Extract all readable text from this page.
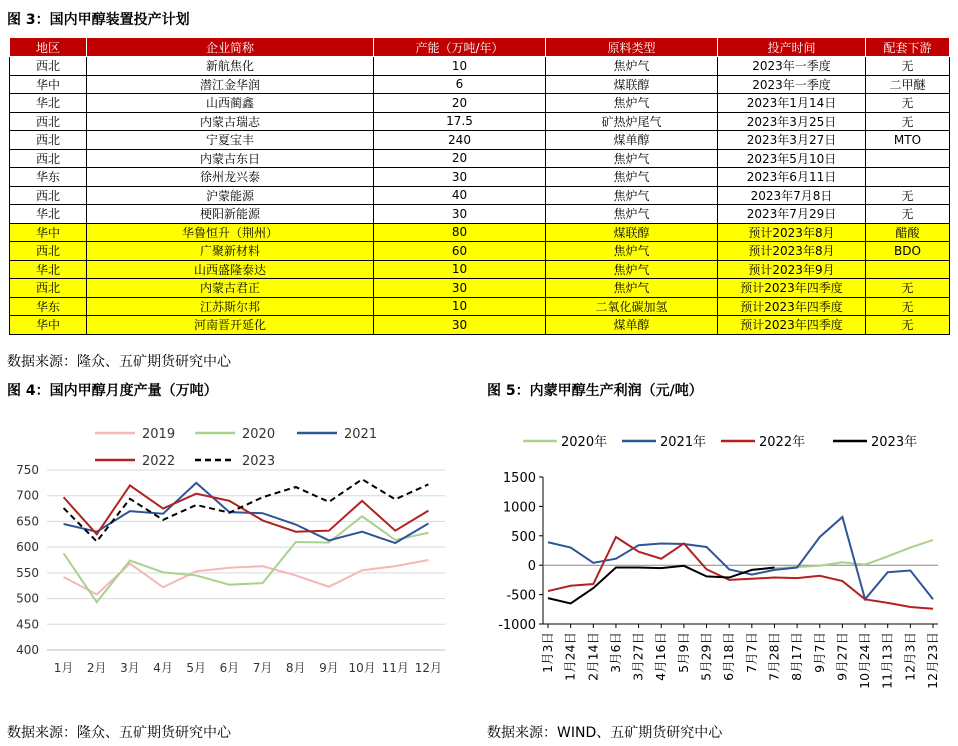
图 3：国内甲醇装置投产计划
地区	企业简称	产能（万吨/年）	原料类型	投产时间	配套下游
西北	新航焦化	10	焦炉气	2023年一季度	无
华中	潜江金华润	6	煤联醇	2023年一季度	二甲醚
华北	山西蔺鑫	20	焦炉气	2023年1月14日	无
西北	内蒙古瑞志	17.5	矿热炉尾气	2023年3月25日	无
西北	宁夏宝丰	240	煤单醇	2023年3月27日	MTO
西北	内蒙古东日	20	焦炉气	2023年5月10日	
华东	徐州龙兴泰	30	焦炉气	2023年6月11日	
西北	沪蒙能源	40	焦炉气	2023年7月8日	无
华北	梗阳新能源	30	焦炉气	2023年7月29日	无
华中	华鲁恒升（荆州）	80	煤联醇	预计2023年8月	醋酸
西北	广聚新材料	60	焦炉气	预计2023年8月	BDO
华北	山西盛隆泰达	10	焦炉气	预计2023年9月	
西北	内蒙古君正	30	焦炉气	预计2023年四季度	无
华东	江苏斯尔邦	10	二氧化碳加氢	预计2023年四季度	无
华中	河南晋开延化	30	煤单醇	预计2023年四季度	无
数据来源：隆众、五矿期货研究中心
图 4：国内甲醇月度产量（万吨）
400
450
500
550
600
650
700
750
1月 2月 3月 4月 5月 6月 7月 8月 9月 10月 11月 12月
2019	2020	2021
2022	2023
数据来源：隆众、五矿期货研究中心
图 5：内蒙甲醇生产利润（元/吨）
-1000
-500
0
500
1000
1500
1月3日 1月24日 2月14日 3月6日 3月27日 4月16日 5月9日 5月29日 6月18日 7月7日 7月28日 8月17日 9月7日 9月27日 10月24日 11月13日 12月3日 12月23日
2020年	2021年	2022年	2023年
数据来源：WIND、五矿期货研究中心
